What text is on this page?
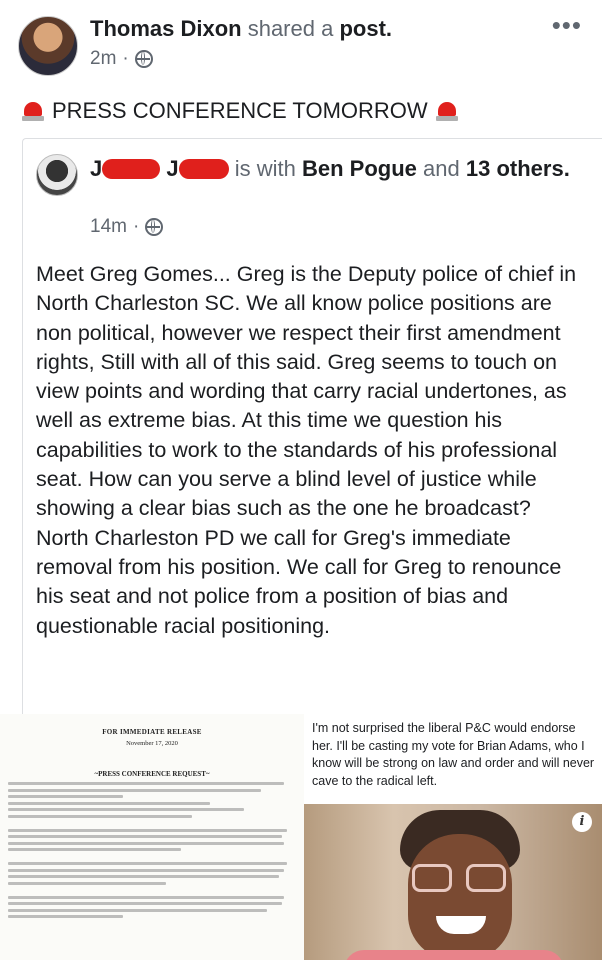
Thomas Dixon shared a post.
2m ·
•••
PRESS CONFERENCE TOMORROW
J	J	is with Ben Pogue and 13 others.
14m ·
Meet Greg Gomes... Greg is the Deputy police of chief in North Charleston SC. We all know police positions are non political, however we respect their first amendment rights, Still with all of this said. Greg seems to touch on view points and wording that carry racial undertones, as well as extreme bias. At this time we question his capabilities to work to the standards of his professional seat. How can you serve a blind level of justice while showing a clear bias such as the one he broadcast? North Charleston PD we call for Greg's immediate removal from his position. We call for Greg to renounce his seat and not police from a position of bias and questionable racial positioning.
FOR IMMEDIATE RELEASE
November 17, 2020
~PRESS CONFERENCE REQUEST~
I'm not surprised the liberal P&C would endorse her. I'll be casting my vote for Brian Adams, who I know will be strong on law and order and will never cave to the radical left.
i
